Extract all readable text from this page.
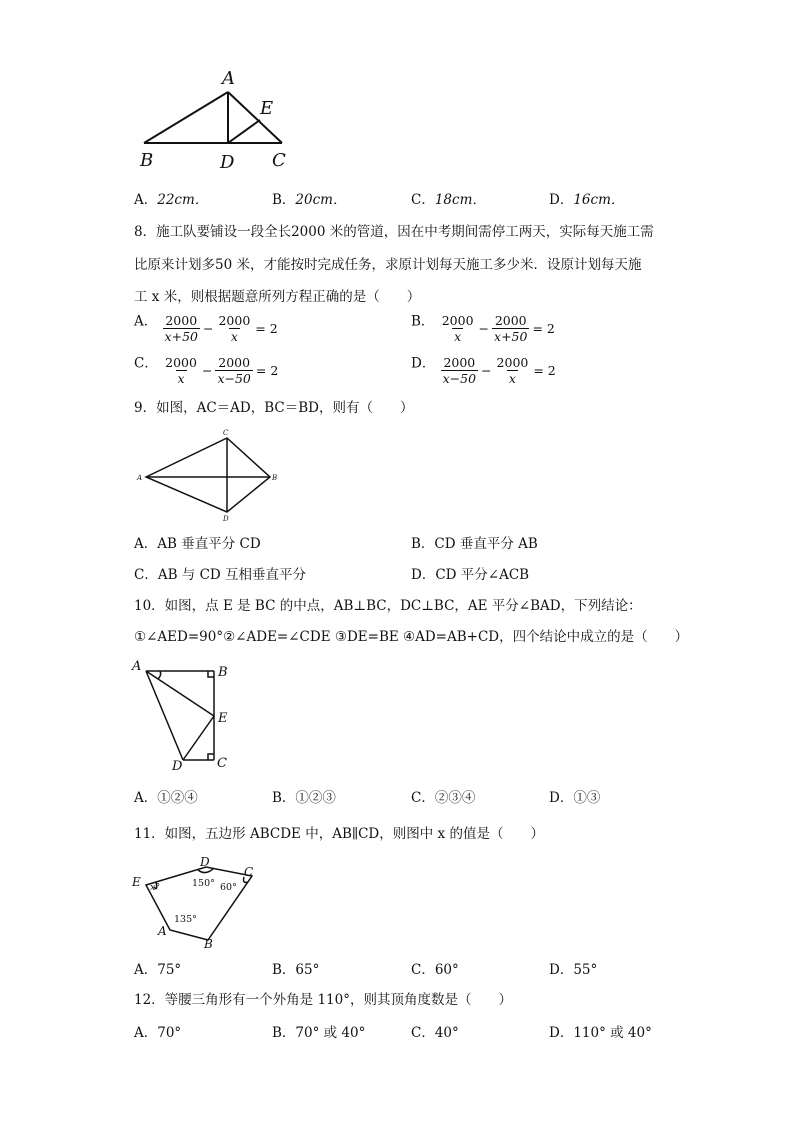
A
E
B	D C
A．22cm．	B．20cm．	C．18cm．	D．16cm．
8．施工队要铺设一段全长2000 米的管道，因在中考期间需停工两天，实际每天施工需
比原来计划多50 米，才能按时完成任务，求原计划每天施工多少米．设原计划每天施
工 x 米，则根据题意所列方程正确的是（　　）
A． $\frac{2000}{x+50} - \frac{2000}{x} = 2$	B． $\frac{2000}{x} - \frac{2000}{x+50} = 2$
C． $\frac{2000}{x} - \frac{2000}{x-50} = 2$	D． $\frac{2000}{x-50} - \frac{2000}{x} = 2$
9．如图，AC＝AD，BC＝BD，则有（　　）
C
A	B
D
A．AB 垂直平分 CD	B．CD 垂直平分 AB
C．AB 与 CD 互相垂直平分	D．CD 平分∠ACB
10．如图，点 E 是 BC 的中点，AB⊥BC，DC⊥BC，AE 平分∠BAD，下列结论：
①∠AED=90°②∠ADE=∠CDE ③DE=BE ④AD=AB+CD，四个结论中成立的是（　　）
A	B
E
D	C
A．①②④	B．①②③	C．②③④	D．①③
11．如图，五边形 ABCDE 中，AB∥CD，则图中 x 的值是（　　）
D
C
E
A
B
x°	150° 60°
135°
A．75°	B．65°	C．60°	D．55°
12．等腰三角形有一个外角是 110°，则其顶角度数是（　　）
A．70°	B．70° 或 40°	C．40°	D．110° 或 40°
